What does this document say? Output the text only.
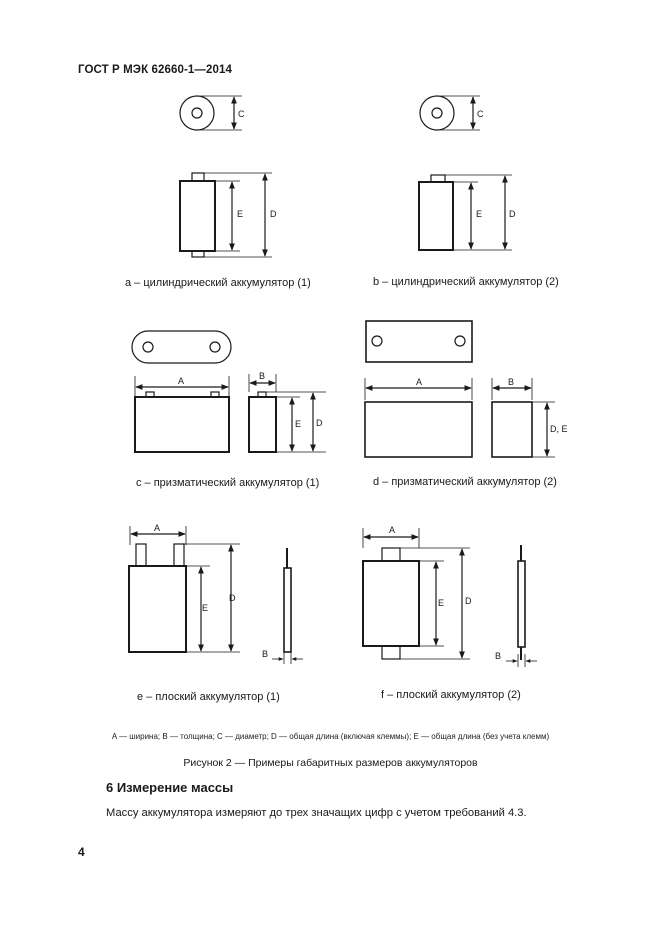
ГОСТ Р МЭК 62660-1—2014
C
E	D
C
E	D
A	B
E D
A	B
D, E
A
E
D
B
A
E D
B
a – цилиндрический аккумулятор (1)	b – цилиндрический аккумулятор (2)
c – призматический аккумулятор (1)	d – призматический аккумулятор (2)
e – плоский аккумулятор (1)	f – плоский аккумулятор (2)
A — ширина; B — толщина; C — диаметр; D — общая длина (включая клеммы); E — общая длина (без учета клемм)
Рисунок 2 — Примеры габаритных размеров аккумуляторов
6 Измерение массы
Массу аккумулятора измеряют до трех значащих цифр с учетом требований 4.3.
4
